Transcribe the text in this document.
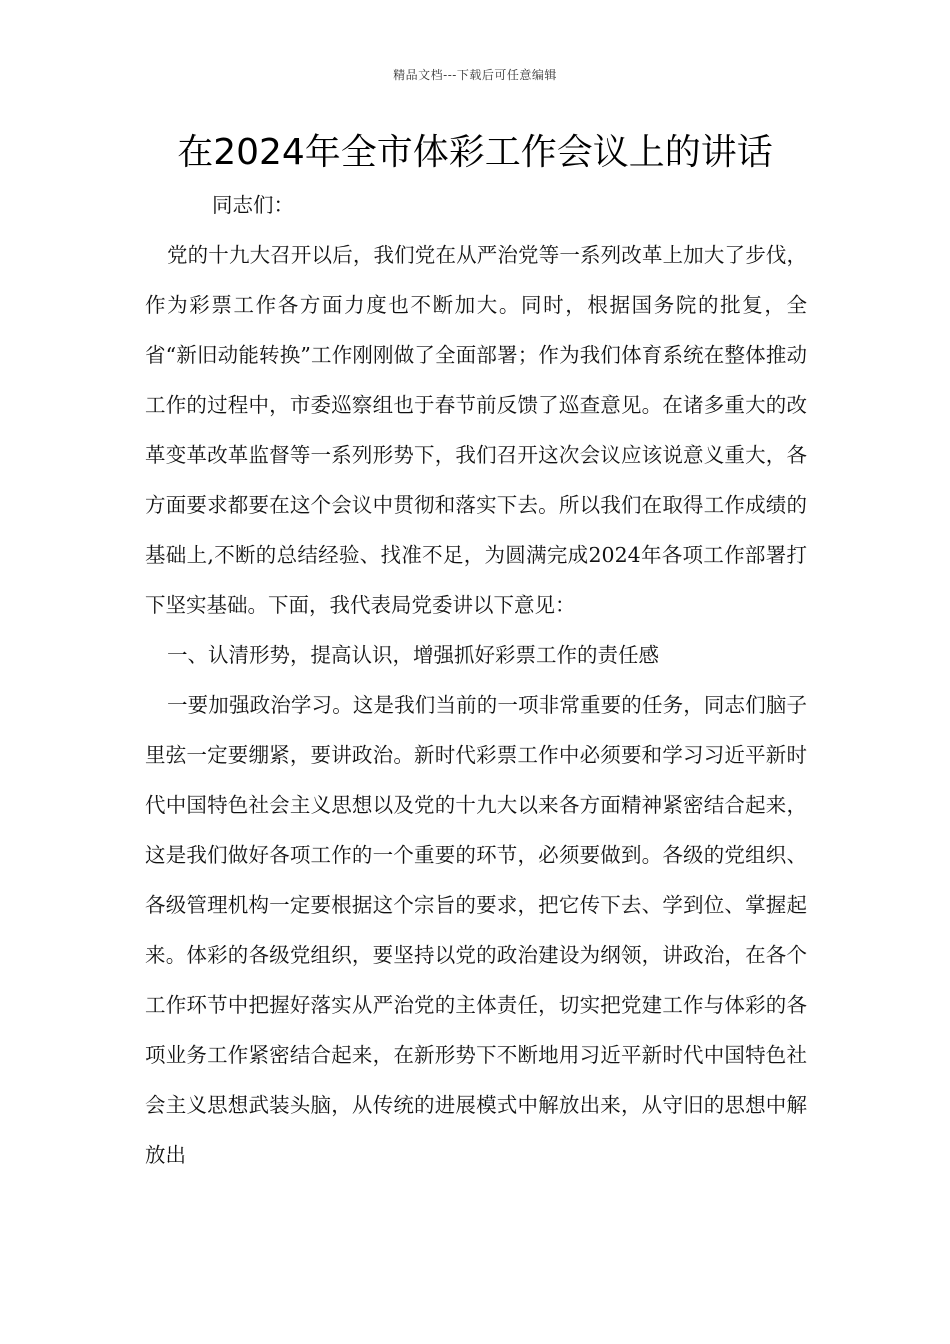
精品文档---下载后可任意编辑
在2024年全市体彩工作会议上的讲话

同志们：

党的十九大召开以后，我们党在从严治党等一系列改革上加大了步伐，作为彩票工作各方面力度也不断加大。同时，根据国务院的批复，全省“新旧动能转换”工作刚刚做了全面部署；作为我们体育系统在整体推动工作的过程中，市委巡察组也于春节前反馈了巡查意见。在诸多重大的改革变革改革监督等一系列形势下，我们召开这次会议应该说意义重大，各方面要求都要在这个会议中贯彻和落实下去。所以我们在取得工作成绩的基础上,不断的总结经验、找准不足，为圆满完成2024年各项工作部署打下坚实基础。下面，我代表局党委讲以下意见：

一、认清形势，提高认识，增强抓好彩票工作的责任感

一要加强政治学习。这是我们当前的一项非常重要的任务，同志们脑子里弦一定要绷紧，要讲政治。新时代彩票工作中必须要和学习习近平新时代中国特色社会主义思想以及党的十九大以来各方面精神紧密结合起来，这是我们做好各项工作的一个重要的环节，必须要做到。各级的党组织、各级管理机构一定要根据这个宗旨的要求，把它传下去、学到位、掌握起来。体彩的各级党组织，要坚持以党的政治建设为纲领，讲政治，在各个工作环节中把握好落实从严治党的主体责任，切实把党建工作与体彩的各项业务工作紧密结合起来，在新形势下不断地用习近平新时代中国特色社会主义思想武装头脑，从传统的进展模式中解放出来，从守旧的思想中解放出
